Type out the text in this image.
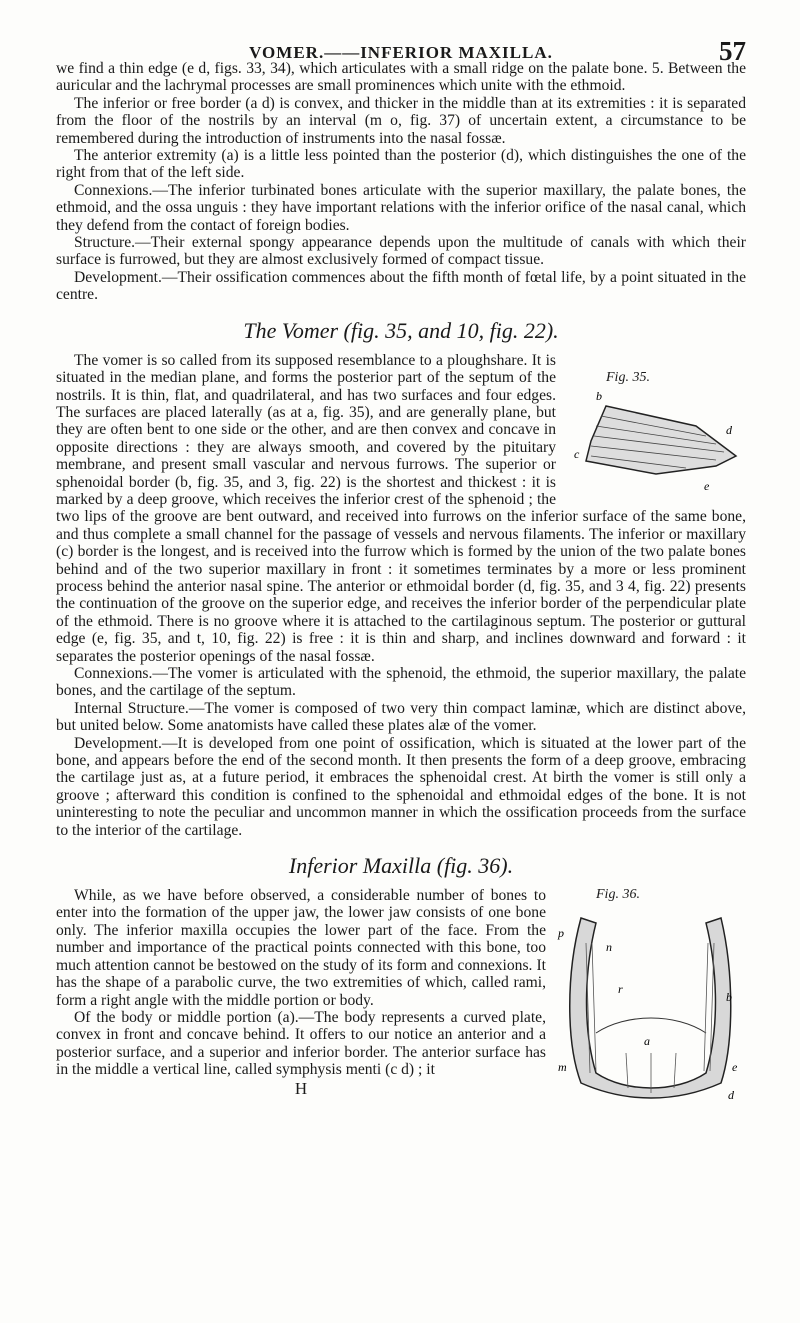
VOMER.——INFERIOR MAXILLA.	57

we find a thin edge (e d, figs. 33, 34), which articulates with a small ridge on the palate bone. 5. Between the auricular and the lachrymal processes are small prominences which unite with the ethmoid.

The inferior or free border (a d) is convex, and thicker in the middle than at its extremities : it is separated from the floor of the nostrils by an interval (m o, fig. 37) of uncertain extent, a circumstance to be remembered during the introduction of instruments into the nasal fossæ.

The anterior extremity (a) is a little less pointed than the posterior (d), which distinguishes the one of the right from that of the left side.

Connexions.—The inferior turbinated bones articulate with the superior maxillary, the palate bones, the ethmoid, and the ossa unguis : they have important relations with the inferior orifice of the nasal canal, which they defend from the contact of foreign bodies.

Structure.—Their external spongy appearance depends upon the multitude of canals with which their surface is furrowed, but they are almost exclusively formed of compact tissue.

Development.—Their ossification commences about the fifth month of fœtal life, by a point situated in the centre.

The Vomer (fig. 35, and 10, fig. 22).
Fig. 35.
b
d
c
e

The vomer is so called from its supposed resemblance to a ploughshare. It is situated in the median plane, and forms the posterior part of the septum of the nostrils. It is thin, flat, and quadrilateral, and has two surfaces and four edges. The surfaces are placed laterally (as at a, fig. 35), and are generally plane, but they are often bent to one side or the other, and are then convex and concave in opposite directions : they are always smooth, and covered by the pituitary membrane, and present small vascular and nervous furrows. The superior or sphenoidal border (b, fig. 35, and 3, fig. 22) is the shortest and thickest : it is marked by a deep groove, which receives the inferior crest of the sphenoid ; the two lips of the groove are bent outward, and received into furrows on the inferior surface of the same bone, and thus complete a small channel for the passage of vessels and nervous filaments. The inferior or maxillary (c) border is the longest, and is received into the furrow which is formed by the union of the two palate bones behind and of the two superior maxillary in front : it sometimes terminates by a more or less prominent process behind the anterior nasal spine. The anterior or ethmoidal border (d, fig. 35, and 3 4, fig. 22) presents the continuation of the groove on the superior edge, and receives the inferior border of the perpendicular plate of the ethmoid. There is no groove where it is attached to the cartilaginous septum. The posterior or guttural edge (e, fig. 35, and t, 10, fig. 22) is free : it is thin and sharp, and inclines downward and forward : it separates the posterior openings of the nasal fossæ.

Connexions.—The vomer is articulated with the sphenoid, the ethmoid, the superior maxillary, the palate bones, and the cartilage of the septum.

Internal Structure.—The vomer is composed of two very thin compact laminæ, which are distinct above, but united below. Some anatomists have called these plates alæ of the vomer.

Development.—It is developed from one point of ossification, which is situated at the lower part of the bone, and appears before the end of the second month. It then presents the form of a deep groove, embracing the cartilage just as, at a future period, it embraces the sphenoidal crest. At birth the vomer is still only a groove ; afterward this condition is confined to the sphenoidal and ethmoidal edges of the bone. It is not uninteresting to note the peculiar and uncommon manner in which the ossification proceeds from the surface to the interior of the cartilage.

Inferior Maxilla (fig. 36).
Fig. 36.
p
n
r
b
a
m	e
d

While, as we have before observed, a considerable number of bones to enter into the formation of the upper jaw, the lower jaw consists of one bone only. The inferior maxilla occupies the lower part of the face. From the number and importance of the practical points connected with this bone, too much attention cannot be bestowed on the study of its form and connexions. It has the shape of a parabolic curve, the two extremities of which, called rami, form a right angle with the middle portion or body.

Of the body or middle portion (a).—The body represents a curved plate, convex in front and concave behind. It offers to our notice an anterior and a posterior surface, and a superior and inferior border. The anterior surface has in the middle a vertical line, called symphysis menti (c d) ; it

H
